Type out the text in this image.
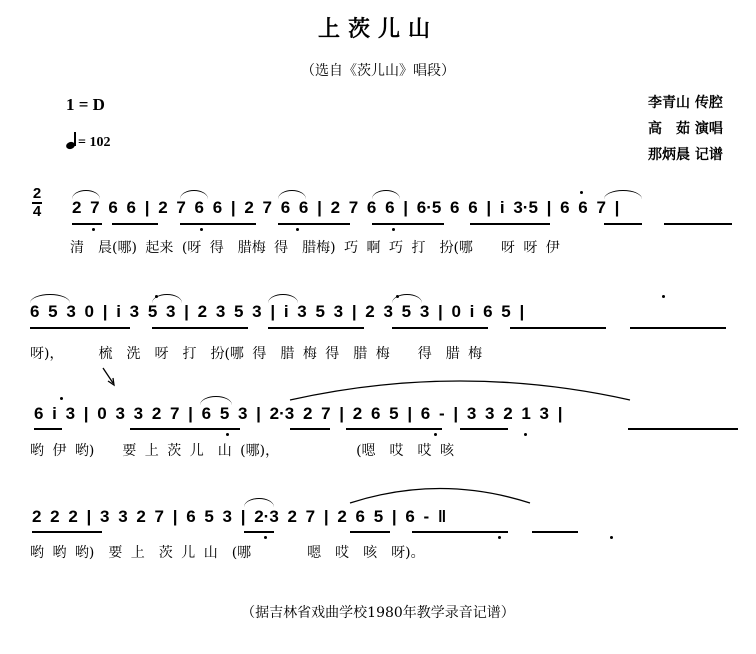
上茨儿山
（选自《茨儿山》唱段）
1 = D
= 102
李青山 传腔
高　茹 演唱
那炳晨 记谱
2
4 2 7 6 6 | 2 7 6 6 | 2 7 6 6 | 2 7 6 6 | 6·5 6 6 | i 3·5 | 6 6 7 |
清　晨(哪) 起来 (呀 得　腊梅 得　腊梅) 巧 啊 巧 打　扮(哪　　呀 呀 伊
6 5 3 0 | i 3 5 3 | 2 3 5 3 | i 3 5 3 | 2 3 5 3 | 0 i 6 5 |
呀)，　　　梳　洗　呀　打　扮(哪 得　腊 梅 得　腊 梅　　得　腊 梅
6 i 3 | 0 3 3 2 7 | 6 5 3 | 2·3 2 7 | 2 6 5 | 6 - | 3 3 2 1 3 |
哟 伊 哟)　　要 上 茨 儿　山 (哪)，　　　　　　(嗯　哎　哎 咳
2 2 2 | 3 3 2 7 | 6 5 3 | 2·3 2 7 | 2 6 5 | 6 - ‖
哟 哟 哟)　要 上　茨 儿 山　(哪　　　　嗯　哎　咳　呀)。
（据吉林省戏曲学校1980年教学录音记谱）
